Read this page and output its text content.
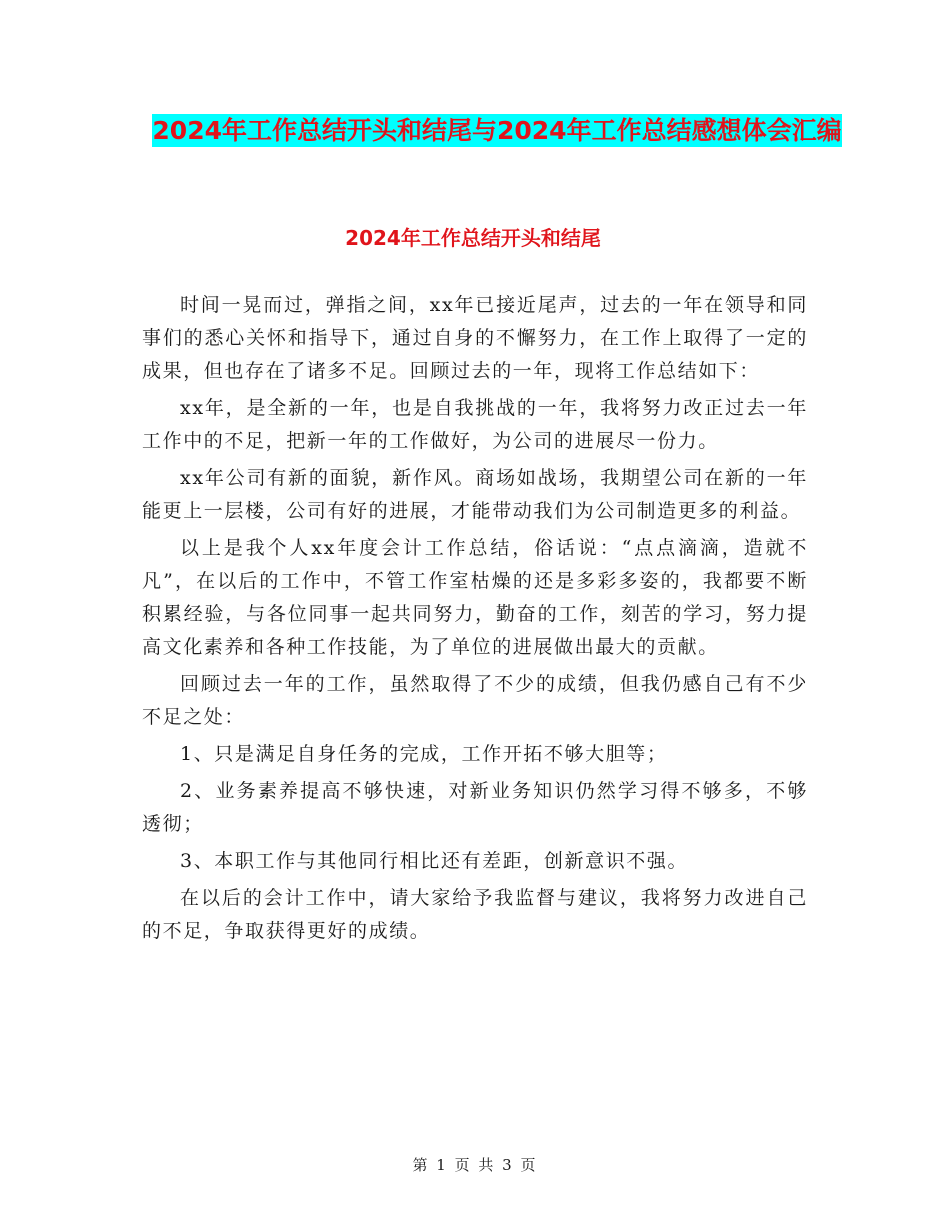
2024年工作总结开头和结尾与2024年工作总结感想体会汇编
2024年工作总结开头和结尾

时间一晃而过，弹指之间，xx年已接近尾声，过去的一年在领导和同事们的悉心关怀和指导下，通过自身的不懈努力，在工作上取得了一定的成果，但也存在了诸多不足。回顾过去的一年，现将工作总结如下：

xx年，是全新的一年，也是自我挑战的一年，我将努力改正过去一年工作中的不足，把新一年的工作做好，为公司的进展尽一份力。

xx年公司有新的面貌，新作风。商场如战场，我期望公司在新的一年能更上一层楼，公司有好的进展，才能带动我们为公司制造更多的利益。

以上是我个人xx年度会计工作总结，俗话说：“点点滴滴，造就不凡”，在以后的工作中，不管工作室枯燥的还是多彩多姿的，我都要不断积累经验，与各位同事一起共同努力，勤奋的工作，刻苦的学习，努力提高文化素养和各种工作技能，为了单位的进展做出最大的贡献。

回顾过去一年的工作，虽然取得了不少的成绩，但我仍感自己有不少不足之处：

1、只是满足自身任务的完成，工作开拓不够大胆等；

2、业务素养提高不够快速，对新业务知识仍然学习得不够多，不够透彻；

3、本职工作与其他同行相比还有差距，创新意识不强。

在以后的会计工作中，请大家给予我监督与建议，我将努力改进自己的不足，争取获得更好的成绩。

第 1 页 共 3 页
